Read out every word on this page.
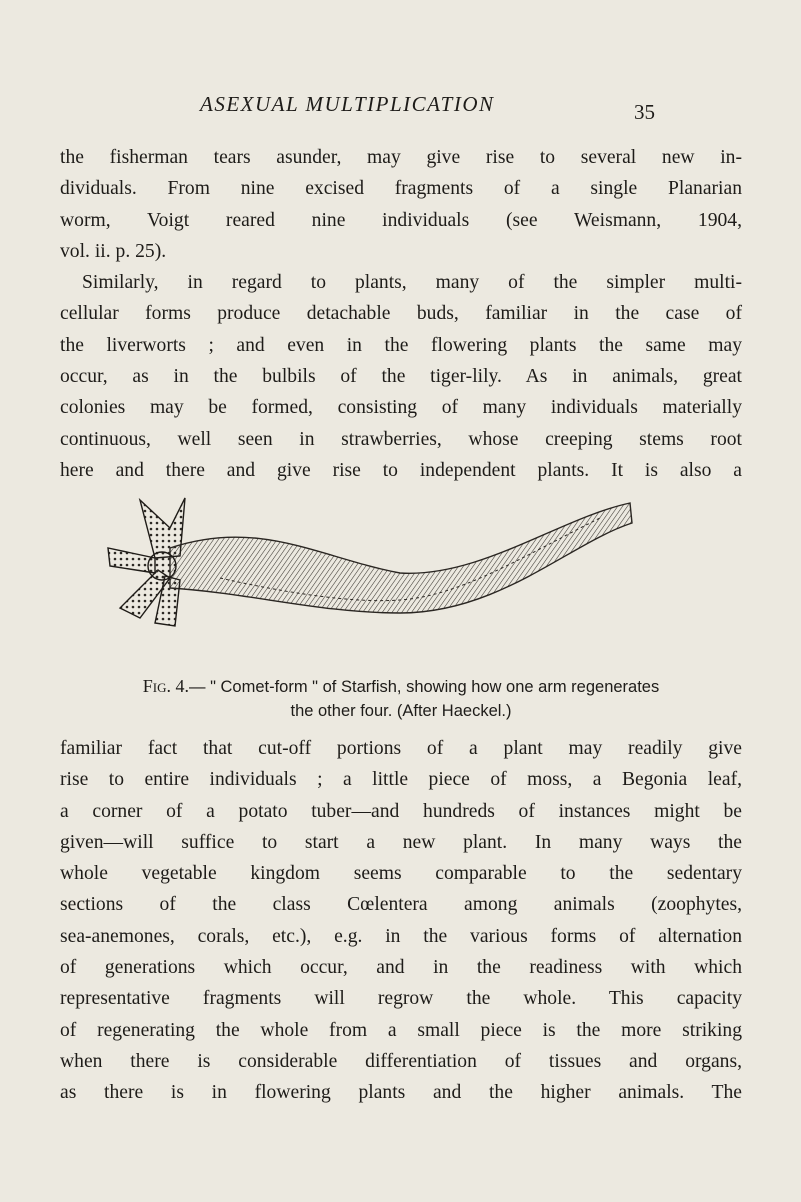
ASEXUAL MULTIPLICATION	35
the fisherman tears asunder, may give rise to several new in-
dividuals. From nine excised fragments of a single Planarian
worm, Voigt reared nine individuals (see Weismann, 1904,
vol. ii. p. 25).
Similarly, in regard to plants, many of the simpler multi-
cellular forms produce detachable buds, familiar in the case of
the liverworts ; and even in the flowering plants the same may
occur, as in the bulbils of the tiger-lily. As in animals, great
colonies may be formed, consisting of many individuals materially
continuous, well seen in strawberries, whose creeping stems root
here and there and give rise to independent plants. It is also a
Fig. 4.— " Comet-form " of Starfish, showing how one arm regenerates
the other four. (After Haeckel.)
familiar fact that cut-off portions of a plant may readily give
rise to entire individuals ; a little piece of moss, a Begonia leaf,
a corner of a potato tuber—and hundreds of instances might be
given—will suffice to start a new plant. In many ways the
whole vegetable kingdom seems comparable to the sedentary
sections of the class Cœlentera among animals (zoophytes,
sea-anemones, corals, etc.), e.g. in the various forms of alternation
of generations which occur, and in the readiness with which
representative fragments will regrow the whole. This capacity
of regenerating the whole from a small piece is the more striking
when there is considerable differentiation of tissues and organs,
as there is in flowering plants and the higher animals. The
